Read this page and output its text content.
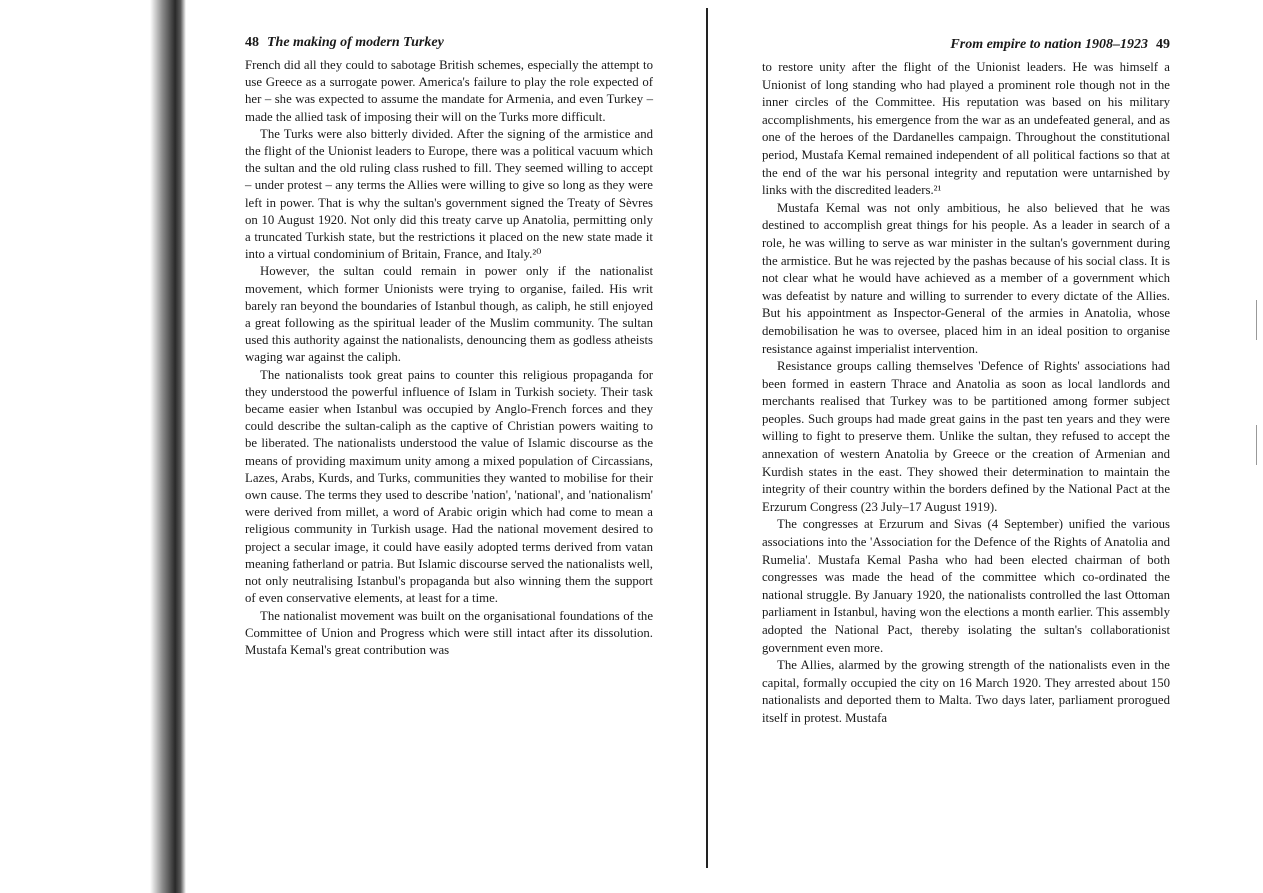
48 The making of modern Turkey

French did all they could to sabotage British schemes, especially the attempt to use Greece as a surrogate power. America's failure to play the role expected of her – she was expected to assume the mandate for Armenia, and even Turkey – made the allied task of imposing their will on the Turks more difficult.

The Turks were also bitterly divided. After the signing of the armistice and the flight of the Unionist leaders to Europe, there was a political vacuum which the sultan and the old ruling class rushed to fill. They seemed willing to accept – under protest – any terms the Allies were willing to give so long as they were left in power. That is why the sultan's government signed the Treaty of Sèvres on 10 August 1920. Not only did this treaty carve up Anatolia, permitting only a truncated Turkish state, but the restrictions it placed on the new state made it into a virtual condominium of Britain, France, and Italy.²⁰

However, the sultan could remain in power only if the nationalist movement, which former Unionists were trying to organise, failed. His writ barely ran beyond the boundaries of Istanbul though, as caliph, he still enjoyed a great following as the spiritual leader of the Muslim community. The sultan used this authority against the nationalists, denouncing them as godless atheists waging war against the caliph.

The nationalists took great pains to counter this religious propaganda for they understood the powerful influence of Islam in Turkish society. Their task became easier when Istanbul was occupied by Anglo-French forces and they could describe the sultan-caliph as the captive of Christian powers waiting to be liberated. The nationalists understood the value of Islamic discourse as the means of providing maximum unity among a mixed population of Circassians, Lazes, Arabs, Kurds, and Turks, communities they wanted to mobilise for their own cause. The terms they used to describe 'nation', 'national', and 'nationalism' were derived from millet, a word of Arabic origin which had come to mean a religious community in Turkish usage. Had the national movement desired to project a secular image, it could have easily adopted terms derived from vatan meaning fatherland or patria. But Islamic discourse served the nationalists well, not only neutralising Istanbul's propaganda but also winning them the support of even conservative elements, at least for a time.

The nationalist movement was built on the organisational foundations of the Committee of Union and Progress which were still intact after its dissolution. Mustafa Kemal's great contribution was

From empire to nation 1908–1923 49

to restore unity after the flight of the Unionist leaders. He was himself a Unionist of long standing who had played a prominent role though not in the inner circles of the Committee. His reputation was based on his military accomplishments, his emergence from the war as an undefeated general, and as one of the heroes of the Dardanelles campaign. Throughout the constitutional period, Mustafa Kemal remained independent of all political factions so that at the end of the war his personal integrity and reputation were untarnished by links with the discredited leaders.²¹

Mustafa Kemal was not only ambitious, he also believed that he was destined to accomplish great things for his people. As a leader in search of a role, he was willing to serve as war minister in the sultan's government during the armistice. But he was rejected by the pashas because of his social class. It is not clear what he would have achieved as a member of a government which was defeatist by nature and willing to surrender to every dictate of the Allies. But his appointment as Inspector-General of the armies in Anatolia, whose demobilisation he was to oversee, placed him in an ideal position to organise resistance against imperialist intervention.

Resistance groups calling themselves 'Defence of Rights' associations had been formed in eastern Thrace and Anatolia as soon as local landlords and merchants realised that Turkey was to be partitioned among former subject peoples. Such groups had made great gains in the past ten years and they were willing to fight to preserve them. Unlike the sultan, they refused to accept the annexation of western Anatolia by Greece or the creation of Armenian and Kurdish states in the east. They showed their determination to maintain the integrity of their country within the borders defined by the National Pact at the Erzurum Congress (23 July–17 August 1919).

The congresses at Erzurum and Sivas (4 September) unified the various associations into the 'Association for the Defence of the Rights of Anatolia and Rumelia'. Mustafa Kemal Pasha who had been elected chairman of both congresses was made the head of the committee which co-ordinated the national struggle. By January 1920, the nationalists controlled the last Ottoman parliament in Istanbul, having won the elections a month earlier. This assembly adopted the National Pact, thereby isolating the sultan's collaborationist government even more.

The Allies, alarmed by the growing strength of the nationalists even in the capital, formally occupied the city on 16 March 1920. They arrested about 150 nationalists and deported them to Malta. Two days later, parliament prorogued itself in protest. Mustafa
